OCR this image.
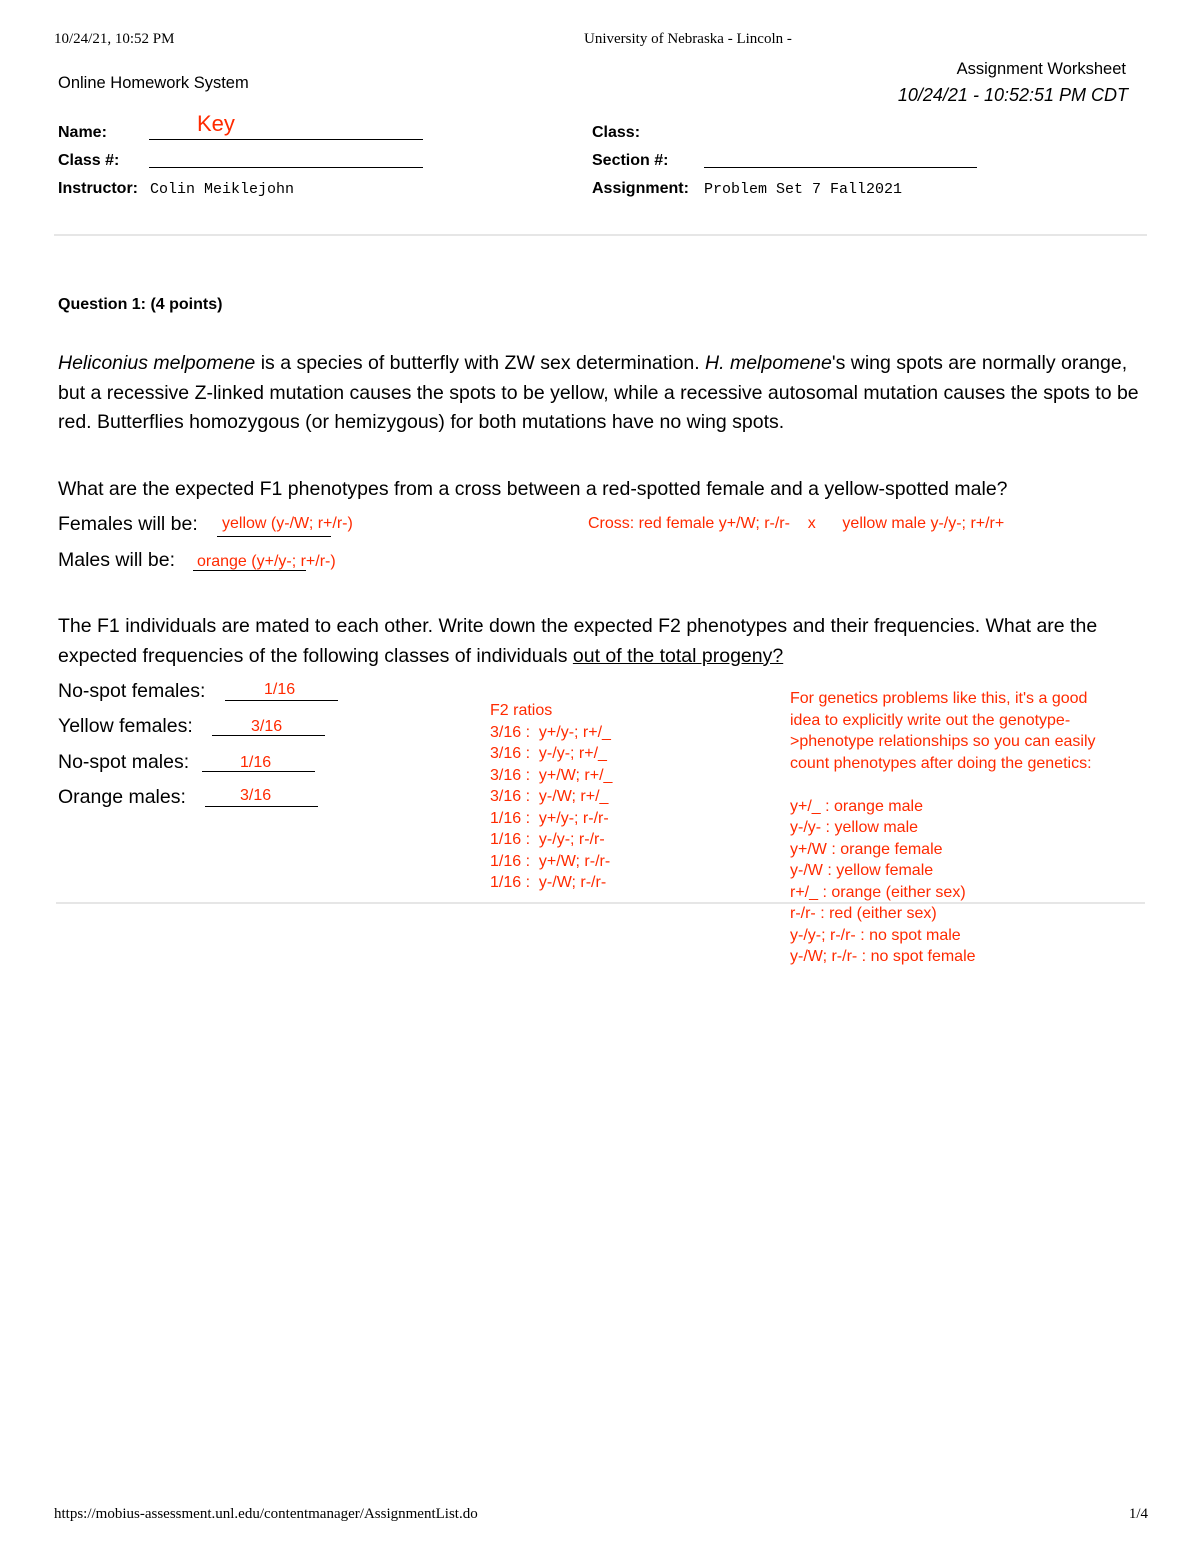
10/24/21, 10:52 PM	University of Nebraska - Lincoln -
Online Homework System
Assignment Worksheet
10/24/21 - 10:52:51 PM CDT
Name:	Key
Class #:
Instructor: Colin Meiklejohn
Class:
Section #:
Assignment: Problem Set 7 Fall2021
Question 1: (4 points)
Heliconius melpomene is a species of butterfly with ZW sex determination. H. melpomene's wing spots are normally orange, but a recessive Z-linked mutation causes the spots to be yellow, while a recessive autosomal mutation causes the spots to be red. Butterflies homozygous (or hemizygous) for both mutations have no wing spots.
What are the expected F1 phenotypes from a cross between a red-spotted female and a yellow-spotted male?
Females will be: yellow (y-/W; r+/r-)
Males will be: orange (y+/y-; r+/r-)
Cross: red female y+/W; r-/r-    x      yellow male y-/y-; r+/r+
The F1 individuals are mated to each other. Write down the expected F2 phenotypes and their frequencies. What are the expected frequencies of the following classes of individuals out of the total progeny?
No-spot females:	1/16
Yellow females:	3/16
No-spot males:	1/16
Orange males:	3/16
F2 ratios
3/16 :  y+/y-; r+/_
3/16 :  y-/y-; r+/_
3/16 :  y+/W; r+/_
3/16 :  y-/W; r+/_
1/16 :  y+/y-; r-/r-
1/16 :  y-/y-; r-/r-
1/16 :  y+/W; r-/r-
1/16 :  y-/W; r-/r-
For genetics problems like this, it's a good
idea to explicitly write out the genotype-
>phenotype relationships so you can easily
count phenotypes after doing the genetics:
y+/_ : orange male
y-/y- : yellow male
y+/W : orange female
y-/W : yellow female
r+/_ : orange (either sex)
r-/r- : red (either sex)
y-/y-; r-/r- : no spot male
y-/W; r-/r- : no spot female
https://mobius-assessment.unl.edu/contentmanager/AssignmentList.do	1/4
